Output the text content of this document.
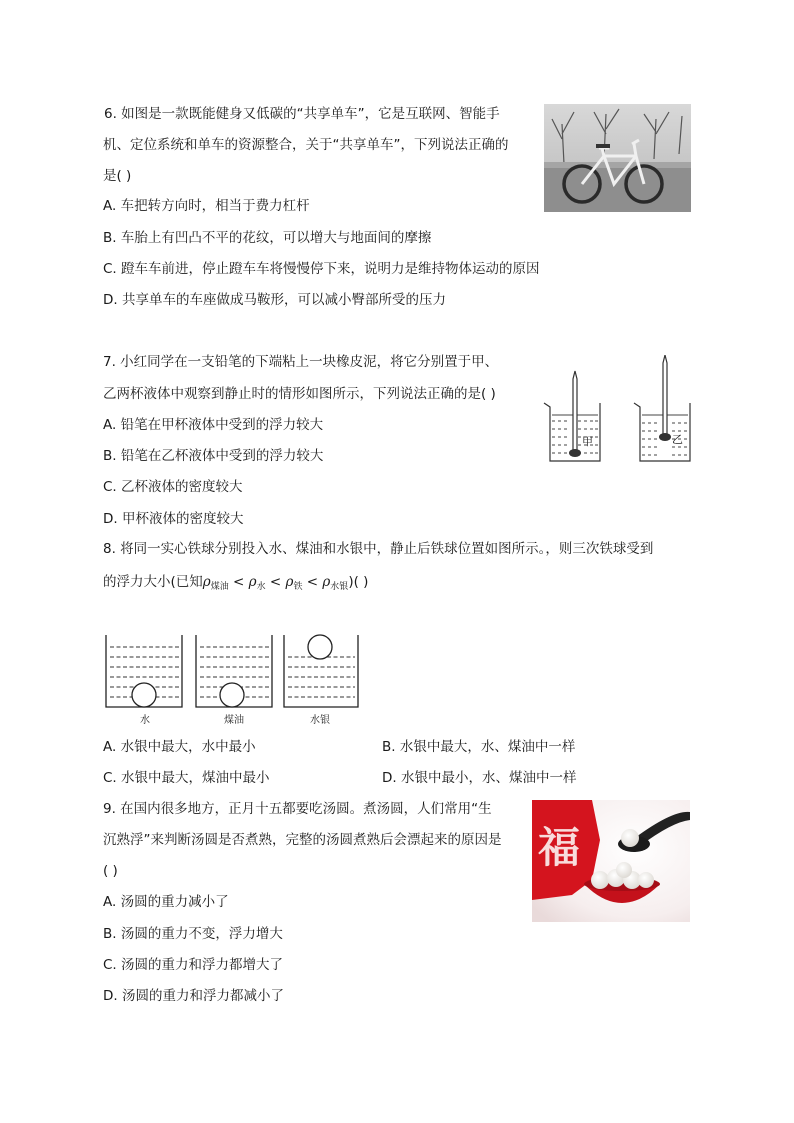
6. 如图是一款既能健身又低碳的“共享单车”，它是互联网、智能手
机、定位系统和单车的资源整合，关于“共享单车”，下列说法正确的
是( )
A. 车把转方向时，相当于费力杠杆
B. 车胎上有凹凸不平的花纹，可以增大与地面间的摩擦
C. 蹬车车前进，停止蹬车车将慢慢停下来，说明力是维持物体运动的原因
D. 共享单车的车座做成马鞍形，可以减小臀部所受的压力
7. 小红同学在一支铅笔的下端粘上一块橡皮泥，将它分别置于甲、
乙两杯液体中观察到静止时的情形如图所示，下列说法正确的是( )
A. 铅笔在甲杯液体中受到的浮力较大
B. 铅笔在乙杯液体中受到的浮力较大
C. 乙杯液体的密度较大
D. 甲杯液体的密度较大
甲	乙
8. 将同一实心铁球分别投入水、煤油和水银中，静止后铁球位置如图所示。，则三次铁球受到
的浮力大小(已知$\rho_{煤油} < \rho_水 < \rho_铁 < \rho_{水银}$)( )
水	煤油	水银
A. 水银中最大，水中最小	B. 水银中最大，水、煤油中一样
C. 水银中最大，煤油中最小	D. 水银中最小，水、煤油中一样
9. 在国内很多地方，正月十五都要吃汤圆。煮汤圆，人们常用“生
沉熟浮”来判断汤圆是否煮熟，完整的汤圆煮熟后会漂起来的原因是
( )
A. 汤圆的重力减小了
B. 汤圆的重力不变，浮力增大
C. 汤圆的重力和浮力都增大了
D. 汤圆的重力和浮力都减小了
福
